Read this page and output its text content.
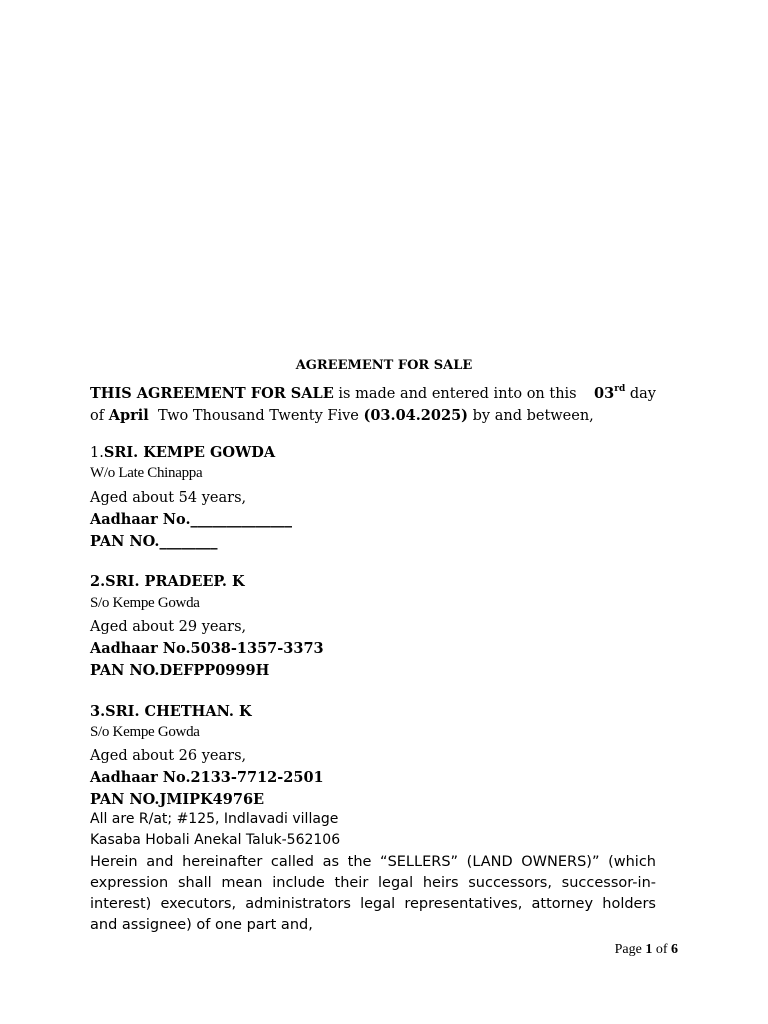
AGREEMENT FOR SALE
THIS AGREEMENT FOR SALE is made and entered into on this 03rd day
of April  Two Thousand Twenty Five (03.04.2025) by and between,
1.SRI. KEMPE GOWDA
W/o Late Chinappa
Aged about 54 years,
Aadhaar No.______________
PAN NO.________
2.SRI. PRADEEP. K
S/o Kempe Gowda
Aged about 29 years,
Aadhaar No.5038-1357-3373
PAN NO.DEFPP0999H
3.SRI. CHETHAN. K
S/o Kempe Gowda
Aged about 26 years,
Aadhaar No.2133-7712-2501
PAN NO.JMIPK4976E
All are R/at; #125, Indlavadi village
Kasaba Hobali Anekal Taluk-562106
Herein and hereinafter called as the “SELLERS” (LAND OWNERS)” (which expression shall mean include their legal heirs successors, successor-in-interest) executors, administrators legal representatives, attorney holders and assignee) of one part and,
Page 1 of 6
